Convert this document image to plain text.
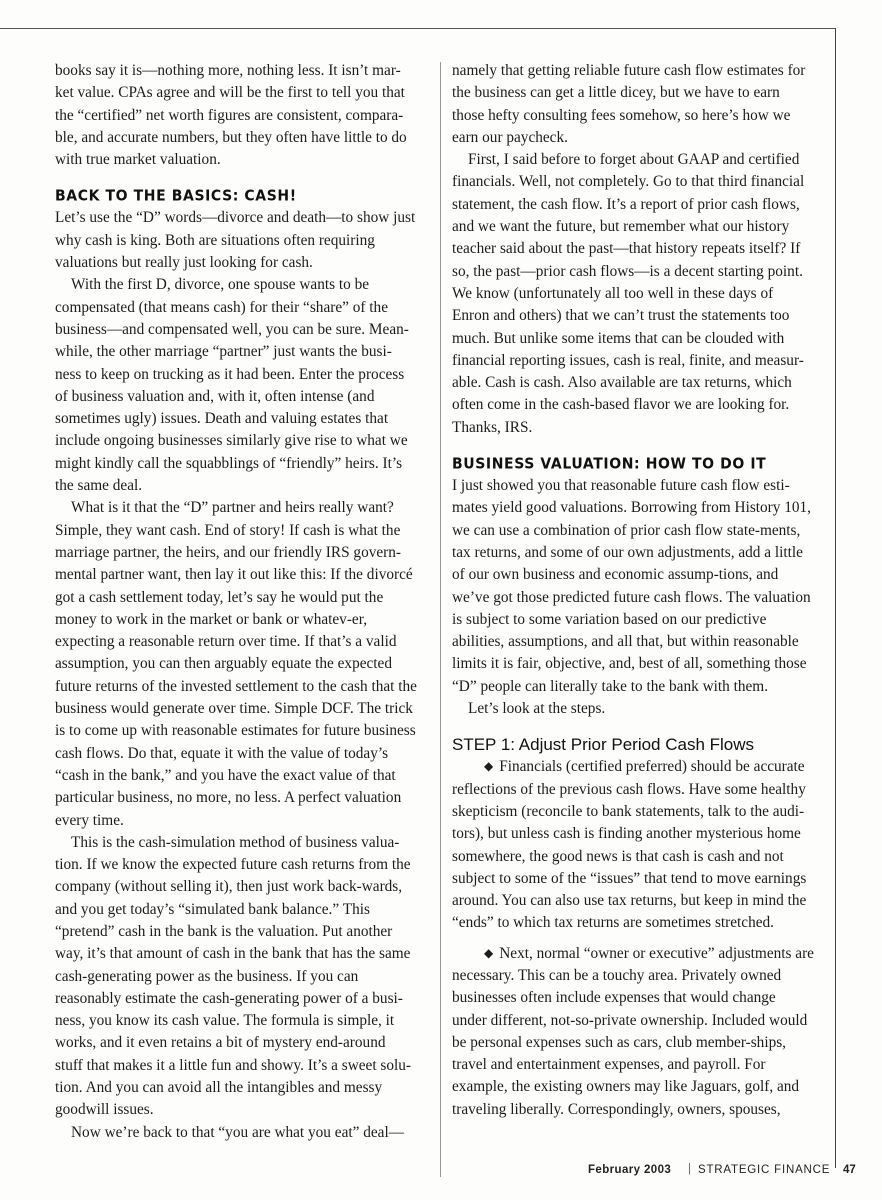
books say it is—nothing more, nothing less. It isn’t mar-ket value. CPAs agree and will be the first to tell you that the “certified” net worth figures are consistent, compara-ble, and accurate numbers, but they often have little to do with true market valuation.

BACK TO THE BASICS: CASH!

Let’s use the “D” words—divorce and death—to show just why cash is king. Both are situations often requiring valuations but really just looking for cash.

With the first D, divorce, one spouse wants to be compensated (that means cash) for their “share” of the business—and compensated well, you can be sure. Mean-while, the other marriage “partner” just wants the busi-ness to keep on trucking as it had been. Enter the process of business valuation and, with it, often intense (and sometimes ugly) issues. Death and valuing estates that include ongoing businesses similarly give rise to what we might kindly call the squabblings of “friendly” heirs. It’s the same deal.

What is it that the “D” partner and heirs really want? Simple, they want cash. End of story! If cash is what the marriage partner, the heirs, and our friendly IRS govern-mental partner want, then lay it out like this: If the divorcé got a cash settlement today, let’s say he would put the money to work in the market or bank or whatev-er, expecting a reasonable return over time. If that’s a valid assumption, you can then arguably equate the expected future returns of the invested settlement to the cash that the business would generate over time. Simple DCF. The trick is to come up with reasonable estimates for future business cash flows. Do that, equate it with the value of today’s “cash in the bank,” and you have the exact value of that particular business, no more, no less. A perfect valuation every time.

This is the cash-simulation method of business valua-tion. If we know the expected future cash returns from the company (without selling it), then just work back-wards, and you get today’s “simulated bank balance.” This “pretend” cash in the bank is the valuation. Put another way, it’s that amount of cash in the bank that has the same cash-generating power as the business. If you can reasonably estimate the cash-generating power of a busi-ness, you know its cash value. The formula is simple, it works, and it even retains a bit of mystery end-around stuff that makes it a little fun and showy. It’s a sweet solu-tion. And you can avoid all the intangibles and messy goodwill issues.

Now we’re back to that “you are what you eat” deal—

namely that getting reliable future cash flow estimates for the business can get a little dicey, but we have to earn those hefty consulting fees somehow, so here’s how we earn our paycheck.

First, I said before to forget about GAAP and certified financials. Well, not completely. Go to that third financial statement, the cash flow. It’s a report of prior cash flows, and we want the future, but remember what our history teacher said about the past—that history repeats itself? If so, the past—prior cash flows—is a decent starting point. We know (unfortunately all too well in these days of Enron and others) that we can’t trust the statements too much. But unlike some items that can be clouded with financial reporting issues, cash is real, finite, and measur-able. Cash is cash. Also available are tax returns, which often come in the cash-based flavor we are looking for. Thanks, IRS.

BUSINESS VALUATION: HOW TO DO IT

I just showed you that reasonable future cash flow esti-mates yield good valuations. Borrowing from History 101, we can use a combination of prior cash flow state-ments, tax returns, and some of our own adjustments, add a little of our own business and economic assump-tions, and we’ve got those predicted future cash flows. The valuation is subject to some variation based on our predictive abilities, assumptions, and all that, but within reasonable limits it is fair, objective, and, best of all, something those “D” people can literally take to the bank with them.

Let’s look at the steps.

STEP 1: Adjust Prior Period Cash Flows

◆ Financials (certified preferred) should be accurate reflections of the previous cash flows. Have some healthy skepticism (reconcile to bank statements, talk to the audi-tors), but unless cash is finding another mysterious home somewhere, the good news is that cash is cash and not subject to some of the “issues” that tend to move earnings around. You can also use tax returns, but keep in mind the “ends” to which tax returns are sometimes stretched.

◆ Next, normal “owner or executive” adjustments are necessary. This can be a touchy area. Privately owned businesses often include expenses that would change under different, not-so-private ownership. Included would be personal expenses such as cars, club member-ships, travel and entertainment expenses, and payroll. For example, the existing owners may like Jaguars, golf, and traveling liberally. Correspondingly, owners, spouses,

February 2003 | STRATEGIC FINANCE 47
